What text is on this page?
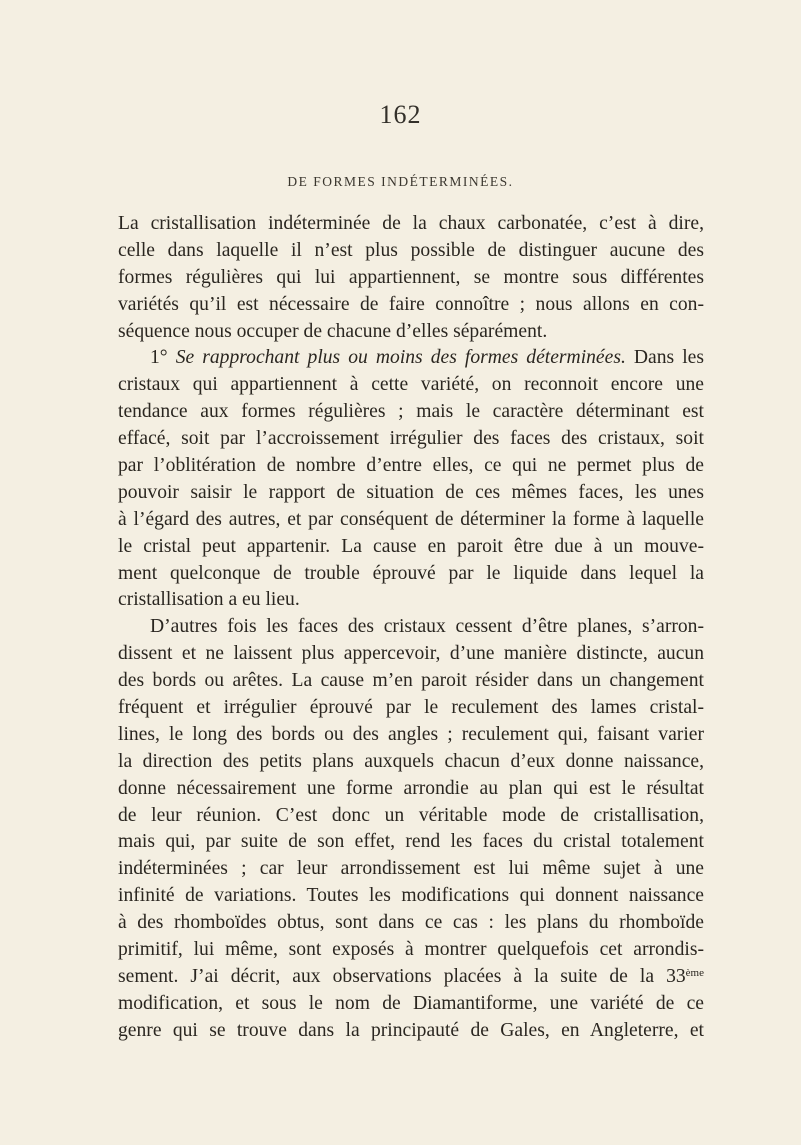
162
DE FORMES INDÉTERMINÉES.
La cristallisation indéterminée de la chaux carbonatée, c’est à dire,
celle dans laquelle il n’est plus possible de distinguer aucune des
formes régulières qui lui appartiennent, se montre sous différentes
variétés qu’il est nécessaire de faire connoître ; nous allons en con-
séquence nous occuper de chacune d’elles séparément.
1° Se rapprochant plus ou moins des formes déterminées. Dans les
cristaux qui appartiennent à cette variété, on reconnoit encore une
tendance aux formes régulières ; mais le caractère déterminant est
effacé, soit par l’accroissement irrégulier des faces des cristaux, soit
par l’oblitération de nombre d’entre elles, ce qui ne permet plus de
pouvoir saisir le rapport de situation de ces mêmes faces, les unes
à l’égard des autres, et par conséquent de déterminer la forme à laquelle
le cristal peut appartenir. La cause en paroit être due à un mouve-
ment quelconque de trouble éprouvé par le liquide dans lequel la
cristallisation a eu lieu.
D’autres fois les faces des cristaux cessent d’être planes, s’arron-
dissent et ne laissent plus appercevoir, d’une manière distincte, aucun
des bords ou arêtes. La cause m’en paroit résider dans un changement
fréquent et irrégulier éprouvé par le reculement des lames cristal-
lines, le long des bords ou des angles ; reculement qui, faisant varier
la direction des petits plans auxquels chacun d’eux donne naissance,
donne nécessairement une forme arrondie au plan qui est le résultat
de leur réunion. C’est donc un véritable mode de cristallisation,
mais qui, par suite de son effet, rend les faces du cristal totalement
indéterminées ; car leur arrondissement est lui même sujet à une
infinité de variations. Toutes les modifications qui donnent naissance
à des rhomboïdes obtus, sont dans ce cas : les plans du rhomboïde
primitif, lui même, sont exposés à montrer quelquefois cet arrondis-
sement. J’ai décrit, aux observations placées à la suite de la 33ème
modification, et sous le nom de Diamantiforme, une variété de ce
genre qui se trouve dans la principauté de Gales, en Angleterre, et
